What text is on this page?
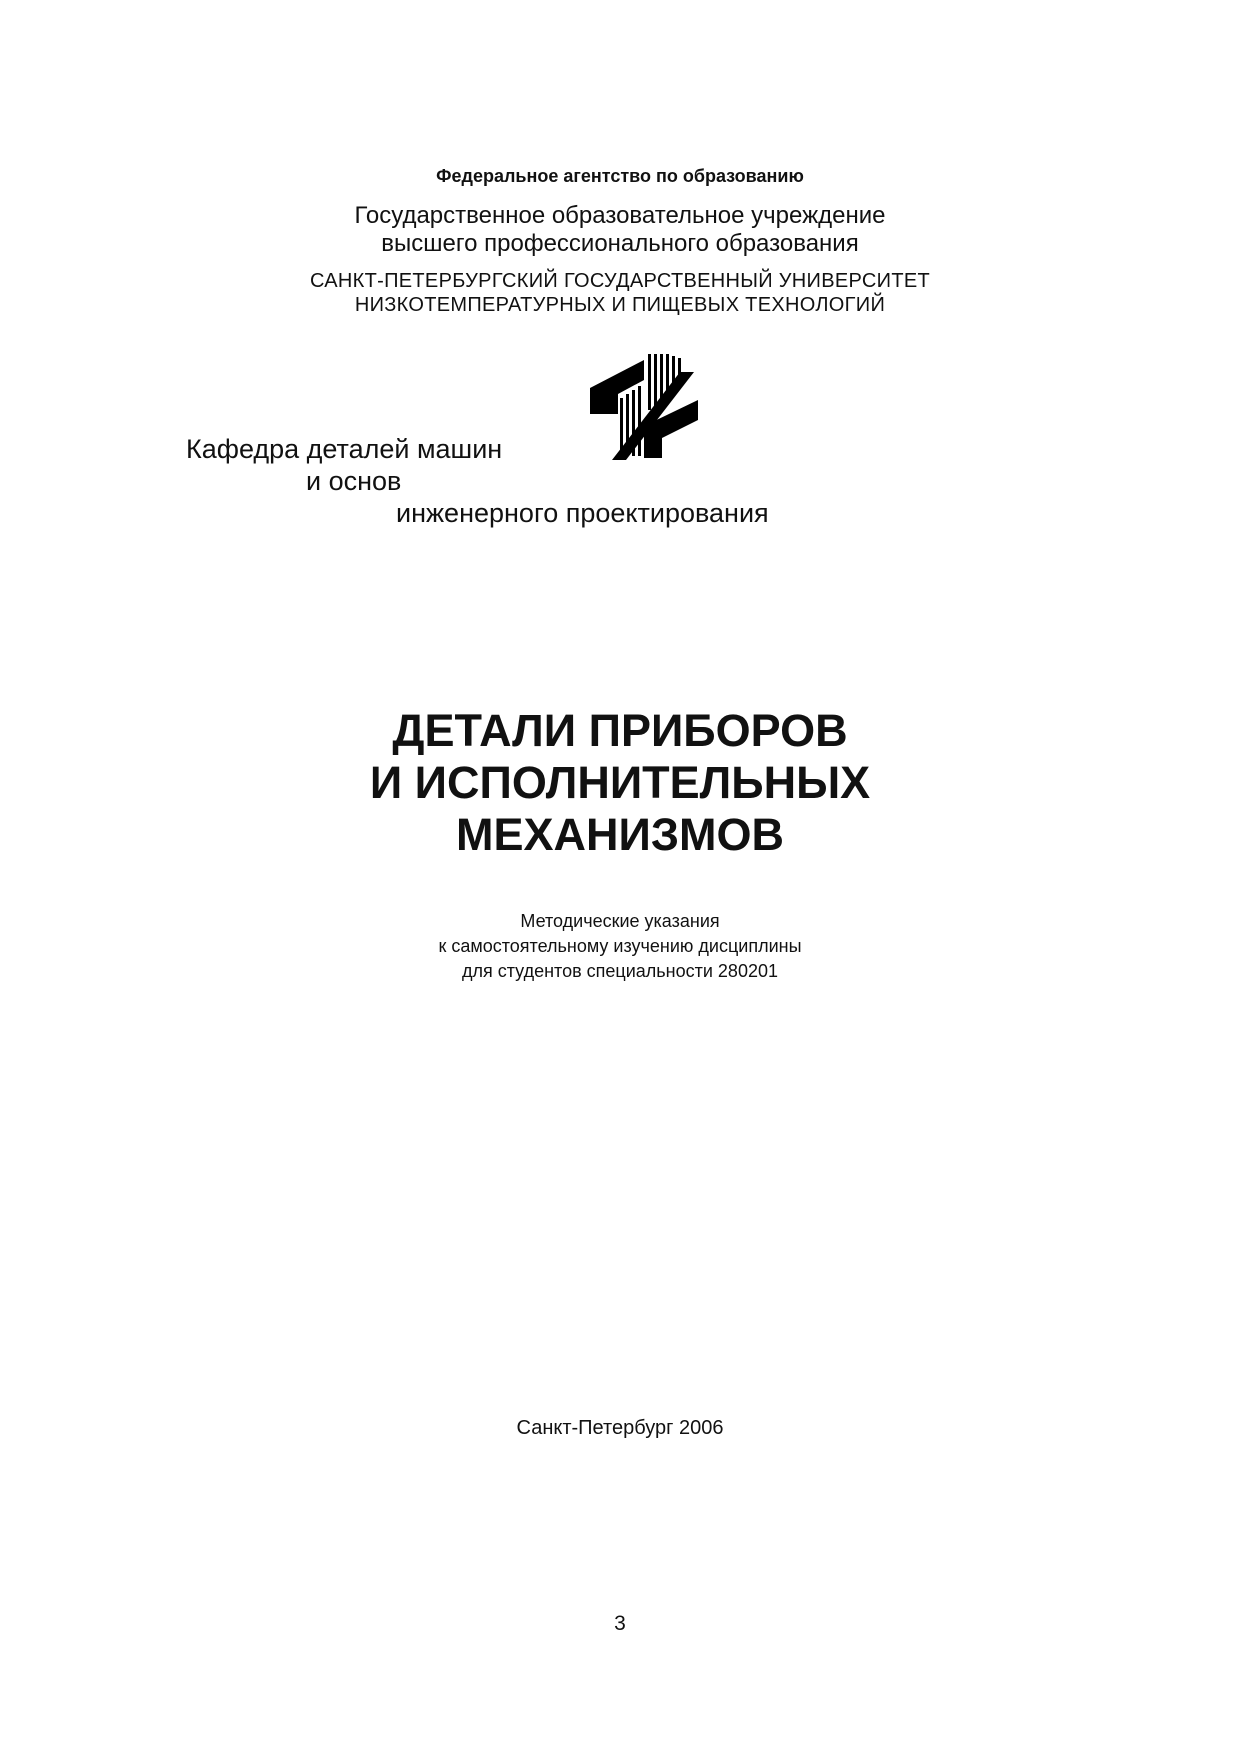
Федеральное агентство по образованию
Государственное образовательное учреждение
высшего профессионального образования
САНКТ-ПЕТЕРБУРГСКИЙ ГОСУДАРСТВЕННЫЙ УНИВЕРСИТЕТ
НИЗКОТЕМПЕРАТУРНЫХ И ПИЩЕВЫХ ТЕХНОЛОГИЙ
Кафедра деталей машин
и основ
инженерного проектирования
ДЕТАЛИ ПРИБОРОВ
И ИСПОЛНИТЕЛЬНЫХ
МЕХАНИЗМОВ
Методические указания
к самостоятельному изучению дисциплины
для студентов специальности 280201
Санкт-Петербург 2006
3
